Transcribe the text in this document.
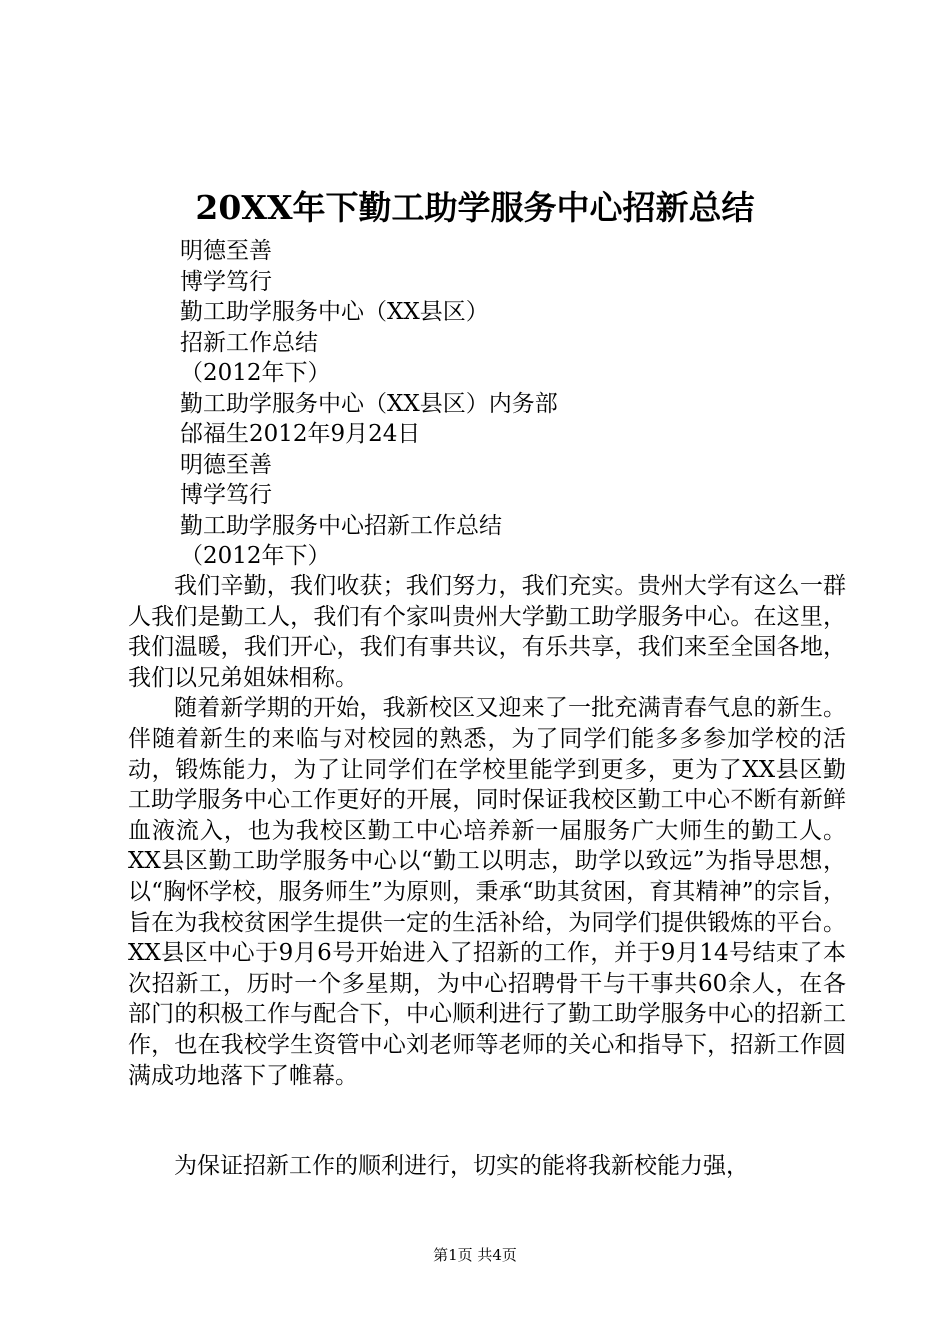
20XX年下勤工助学服务中心招新总结
明德至善
博学笃行
勤工助学服务中心（XX县区）
招新工作总结
（2012年下）
勤工助学服务中心（XX县区）内务部
邰福生2012年9月24日
明德至善
博学笃行
勤工助学服务中心招新工作总结
（2012年下）

我们辛勤，我们收获；我们努力，我们充实。贵州大学有这么一群人我们是勤工人，我们有个家叫贵州大学勤工助学服务中心。在这里，我们温暖，我们开心，我们有事共议，有乐共享，我们来至全国各地，我们以兄弟姐妹相称。

随着新学期的开始，我新校区又迎来了一批充满青春气息的新生。伴随着新生的来临与对校园的熟悉，为了同学们能多多参加学校的活动，锻炼能力，为了让同学们在学校里能学到更多，更为了XX县区勤工助学服务中心工作更好的开展，同时保证我校区勤工中心不断有新鲜血液流入，也为我校区勤工中心培养新一届服务广大师生的勤工人。XX县区勤工助学服务中心以“勤工以明志，助学以致远”为指导思想，以“胸怀学校，服务师生”为原则，秉承“助其贫困，育其精神”的宗旨，旨在为我校贫困学生提供一定的生活补给，为同学们提供锻炼的平台。XX县区中心于9月6号开始进入了招新的工作，并于9月14号结束了本次招新工，历时一个多星期，为中心招聘骨干与干事共60余人，在各部门的积极工作与配合下，中心顺利进行了勤工助学服务中心的招新工作，也在我校学生资管中心刘老师等老师的关心和指导下，招新工作圆满成功地落下了帷幕。

为保证招新工作的顺利进行，切实的能将我新校能力强，

第1页 共4页
